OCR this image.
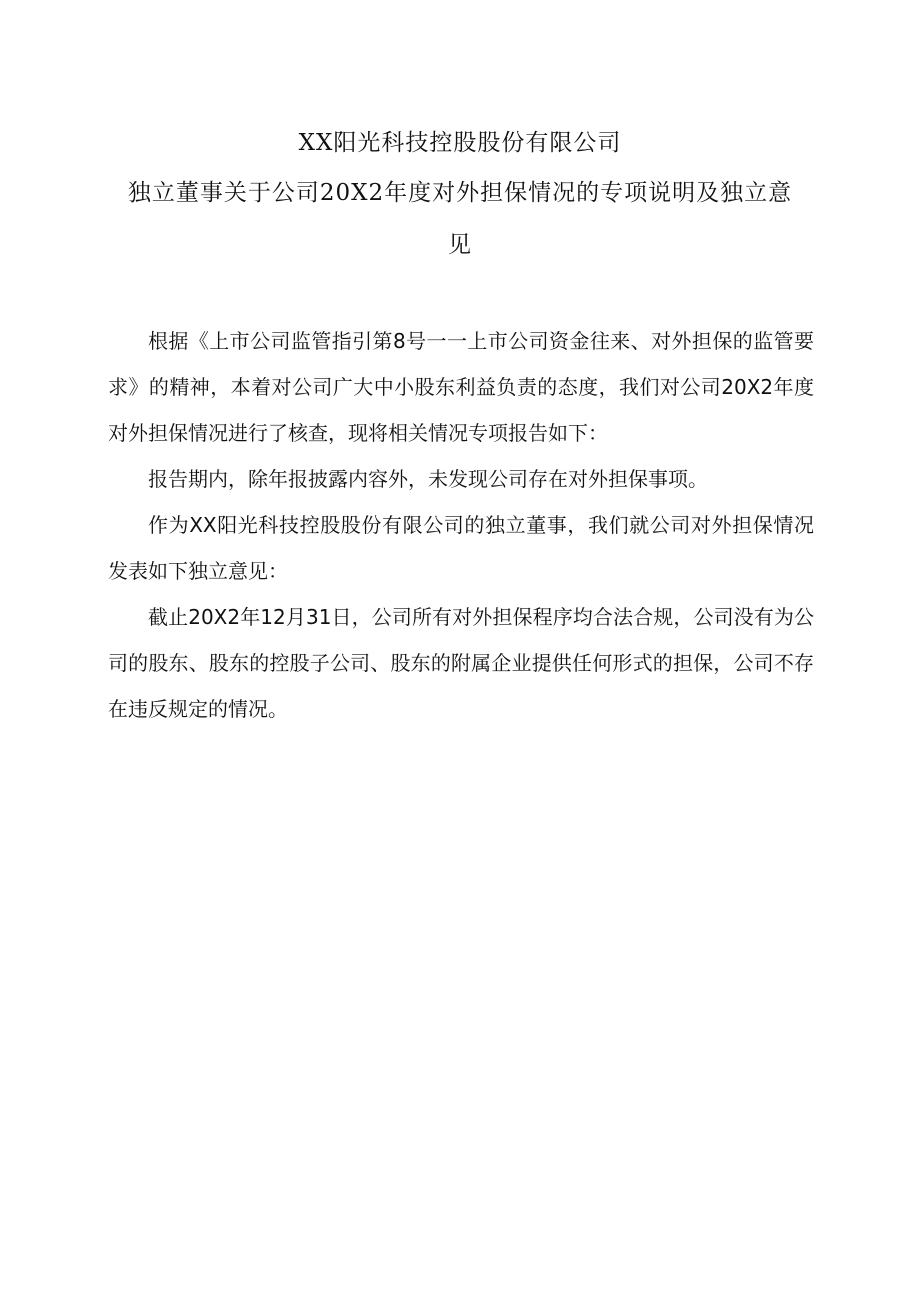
XX阳光科技控股股份有限公司
独立董事关于公司20X2年度对外担保情况的专项说明及独立意
见

根据《上市公司监管指引第8号一一上市公司资金往来、对外担保的监管要求》的精神，本着对公司广大中小股东利益负责的态度，我们对公司20X2年度对外担保情况进行了核查，现将相关情况专项报告如下：

报告期内，除年报披露内容外，未发现公司存在对外担保事项。

作为XX阳光科技控股股份有限公司的独立董事，我们就公司对外担保情况发表如下独立意见：

截止20X2年12月31日，公司所有对外担保程序均合法合规，公司没有为公司的股东、股东的控股子公司、股东的附属企业提供任何形式的担保，公司不存在违反规定的情况。
